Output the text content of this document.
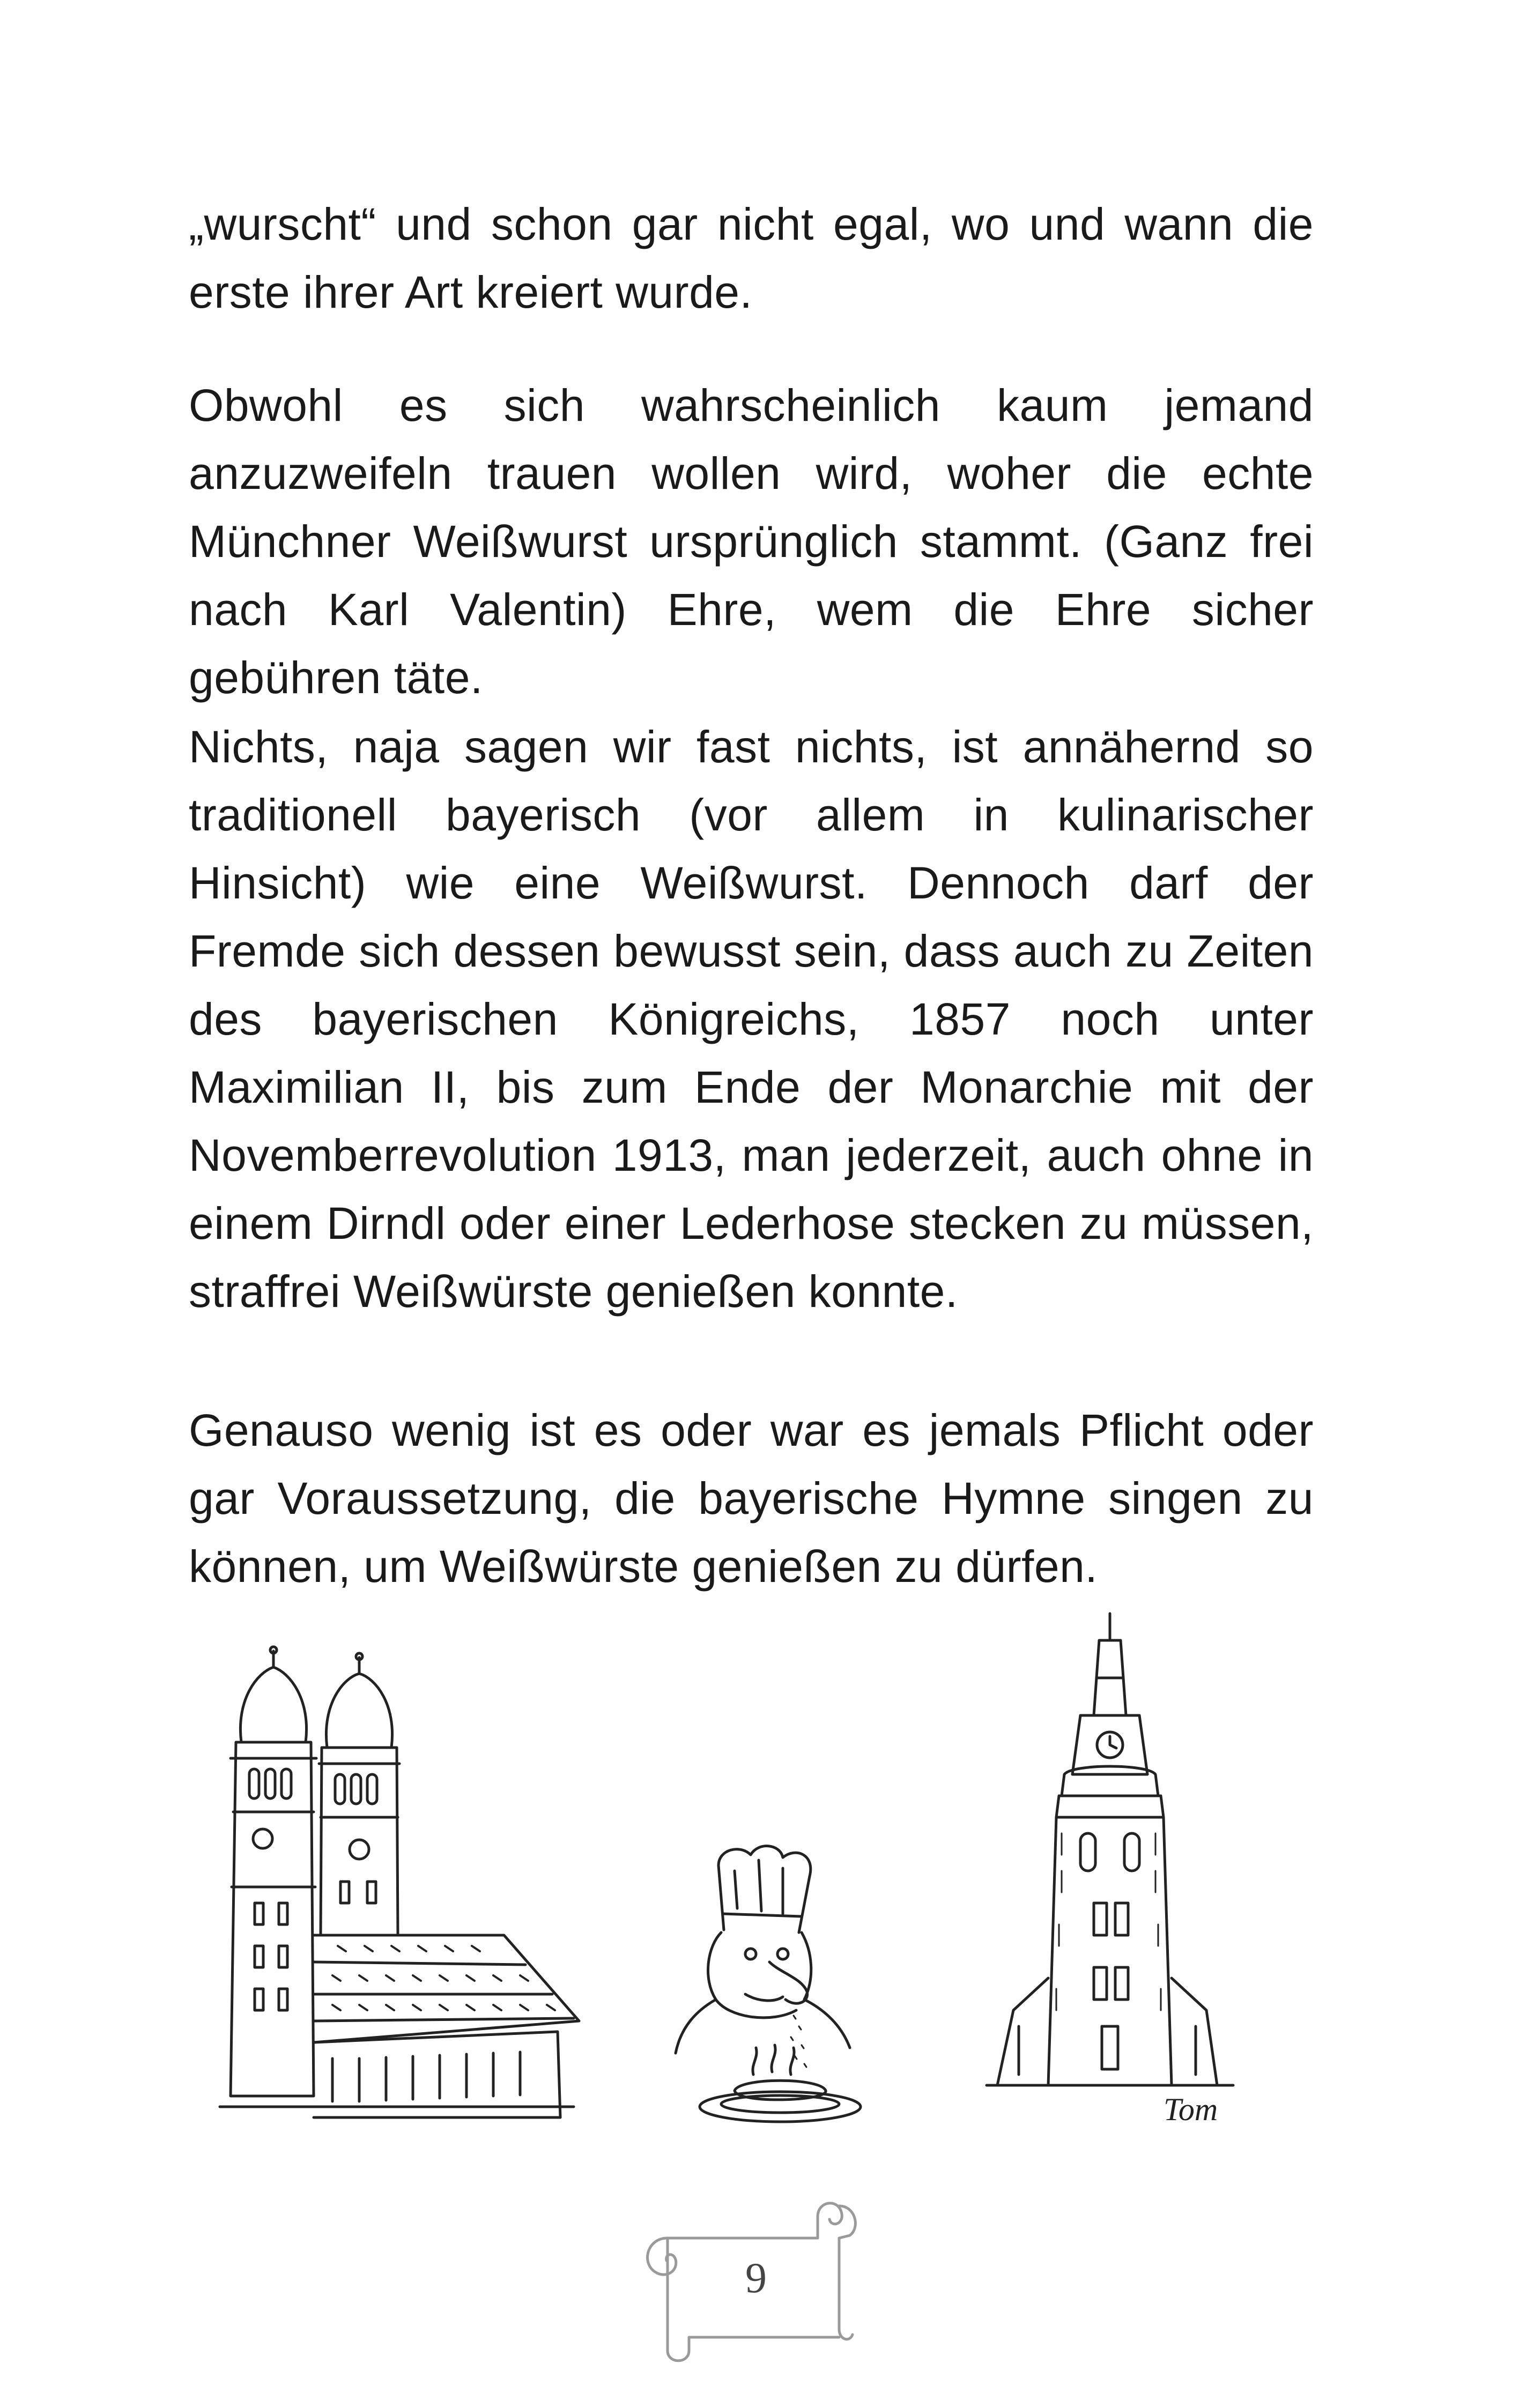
„wurscht“ und schon gar nicht egal, wo und wann die erste ihrer Art kreiert wurde.

Obwohl es sich wahrscheinlich kaum jemand anzuzweifeln trauen wollen wird, woher die echte Münchner Weißwurst ursprünglich stammt. (Ganz frei nach Karl Valentin) Ehre, wem die Ehre sicher gebühren täte.

Nichts, naja sagen wir fast nichts, ist annähernd so traditionell bayerisch (vor allem in kulinarischer Hinsicht) wie eine Weißwurst. Dennoch darf der Fremde sich dessen bewusst sein, dass auch zu Zeiten des bayerischen Königreichs, 1857 noch unter Maximilian II, bis zum Ende der Monarchie mit der Novemberrevolution 1913, man jederzeit, auch ohne in einem Dirndl oder einer Lederhose stecken zu müssen, straffrei Weißwürste genießen konnte.

Genauso wenig ist es oder war es jemals Pflicht oder gar Voraussetzung, die bayerische Hymne singen zu können, um Weißwürste genießen zu dürfen.

Tom
9
